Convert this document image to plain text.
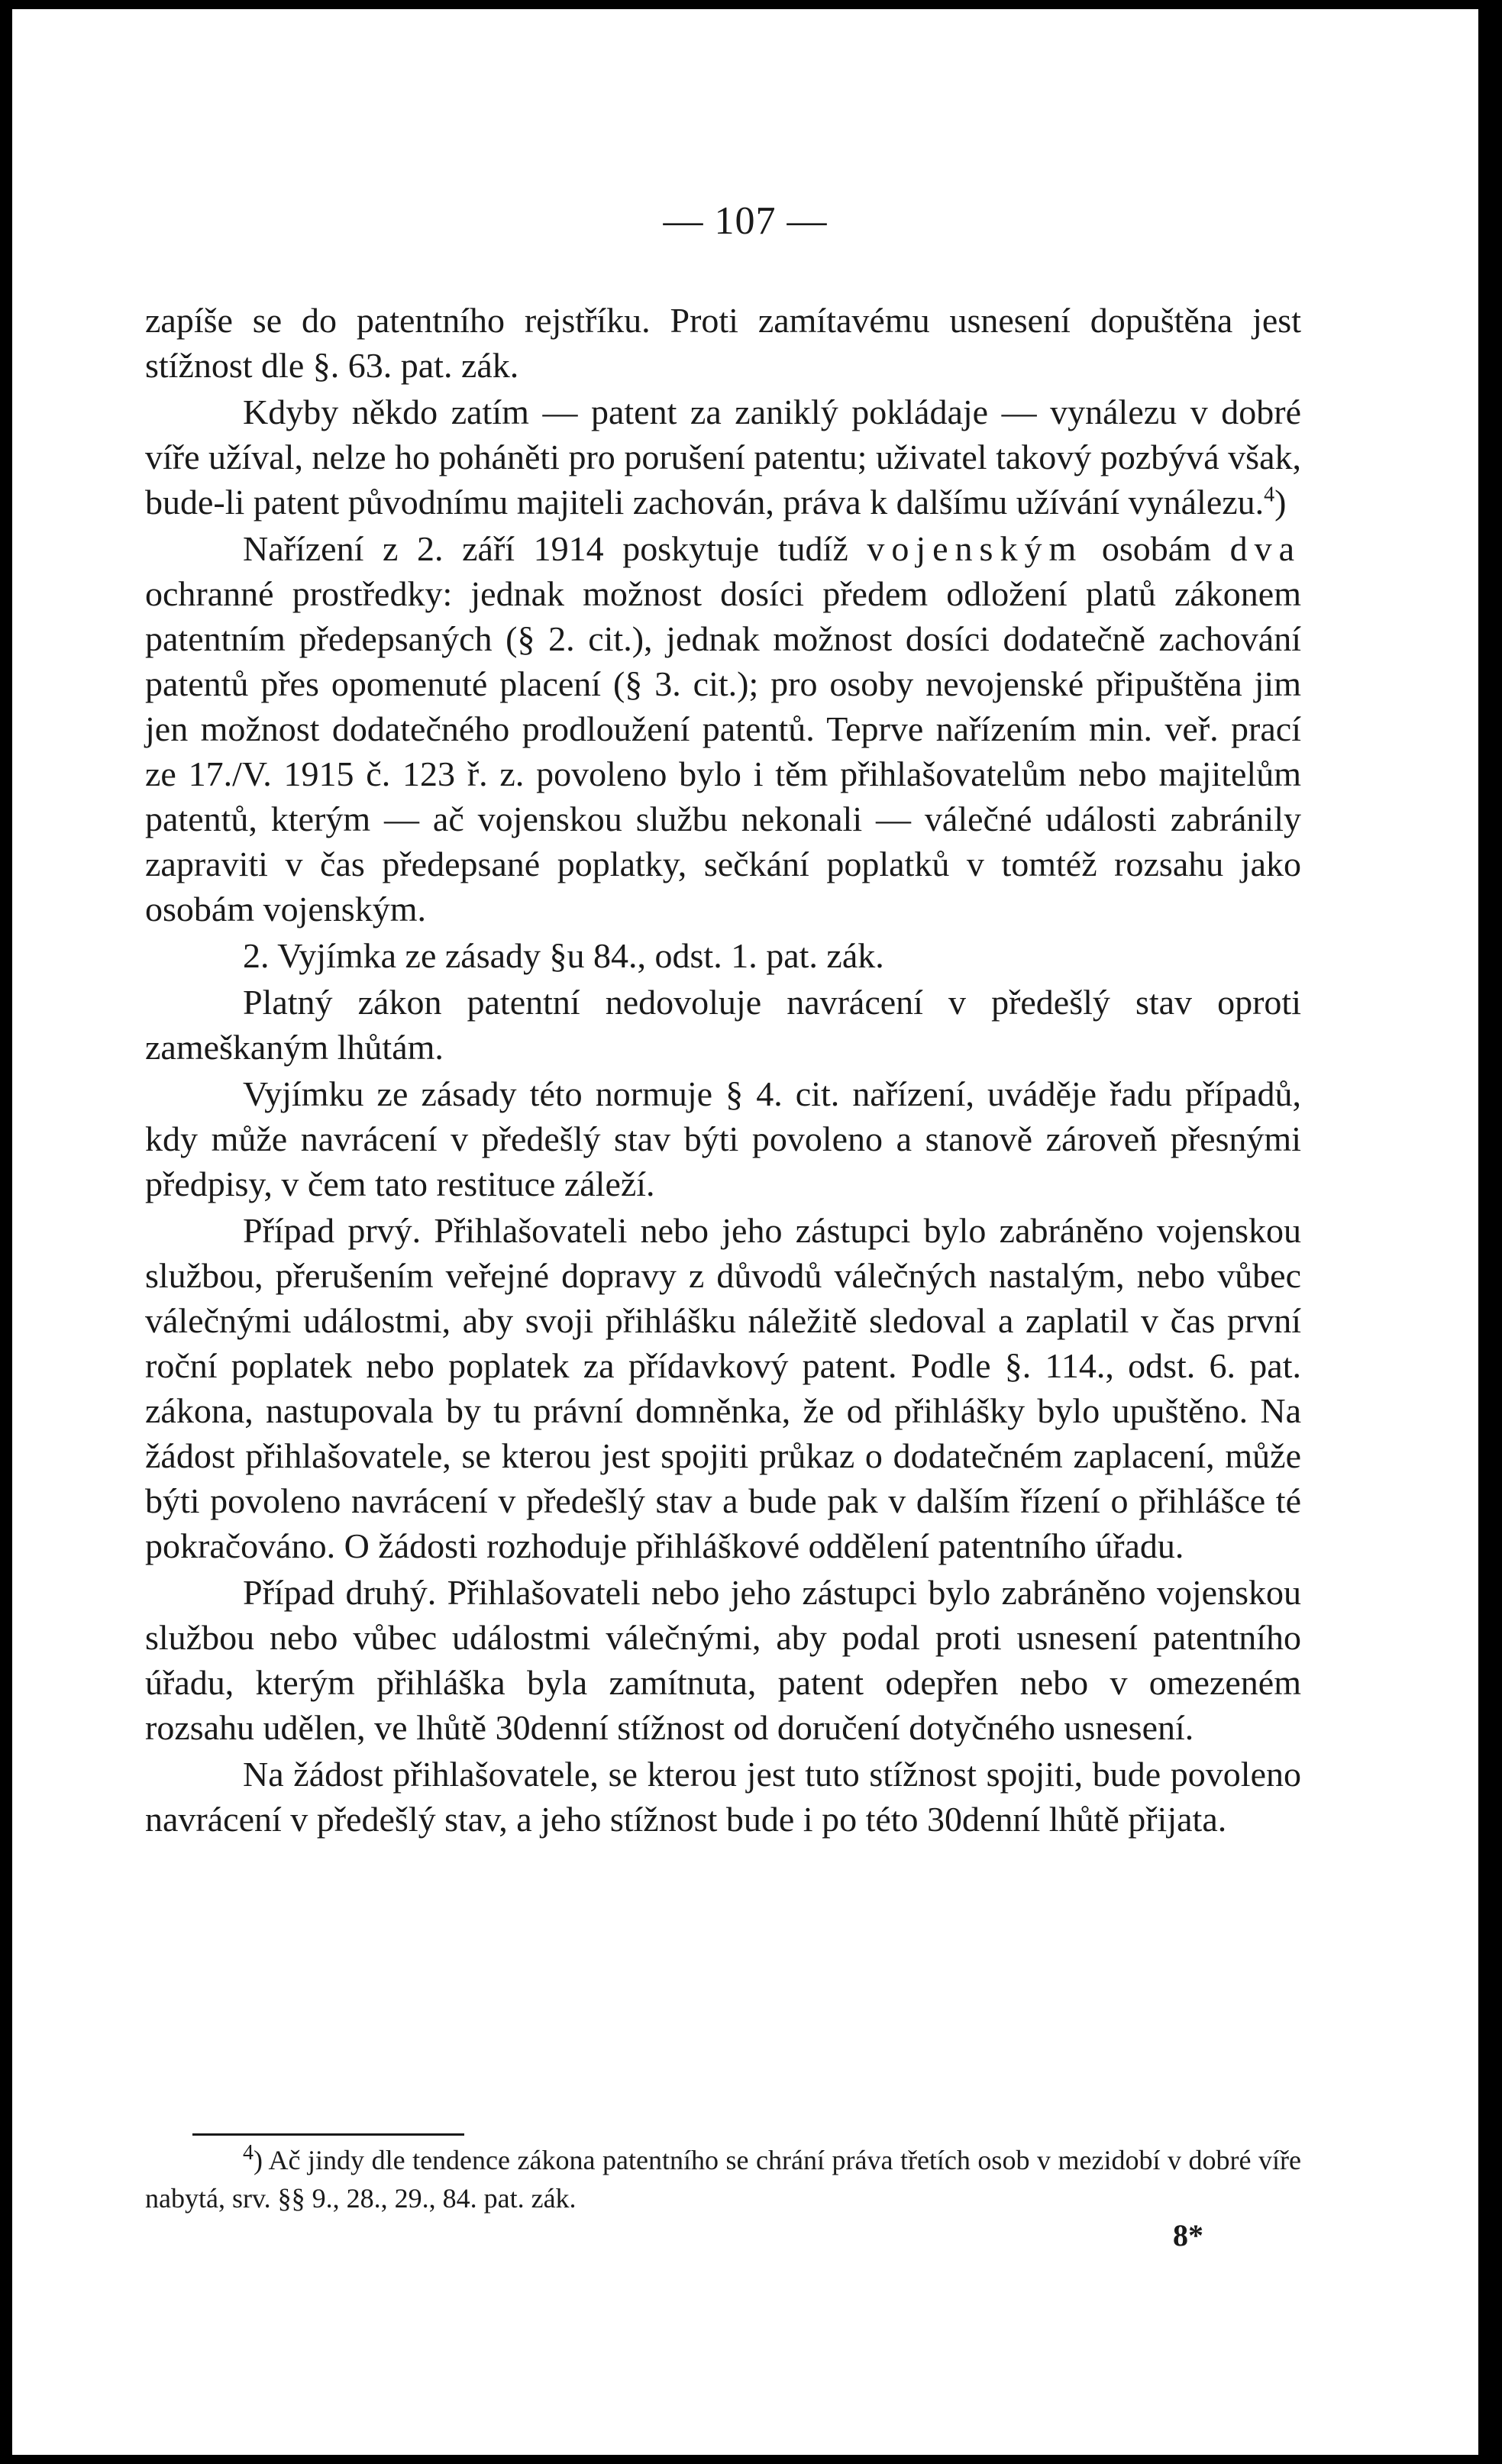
— 107 —

zapíše se do patentního rejstříku. Proti zamítavému usnesení dopuštěna jest stížnost dle §. 63. pat. zák.

Kdyby někdo zatím — patent za zaniklý pokládaje — vynálezu v dobré víře užíval, nelze ho poháněti pro porušení patentu; uživatel takový pozbývá však, bude-li patent původnímu majiteli zachován, práva k dalšímu užívání vynálezu.$^4$)

Nařízení z 2. září 1914 poskytuje tudíž vojenským osobám dva ochranné prostředky: jednak možnost dosíci předem odložení platů zákonem patentním předepsaných (§ 2. cit.), jednak možnost dosíci dodatečně zachování patentů přes opomenuté placení (§ 3. cit.); pro osoby nevojenské připuštěna jim jen možnost dodatečného prodloužení patentů. Teprve nařízením min. veř. prací ze 17./V. 1915 č. 123 ř. z. povoleno bylo i těm přihlašovatelům nebo majitelům patentů, kterým — ač vojenskou službu nekonali — válečné události zabránily zapraviti v čas předepsané poplatky, sečkání poplatků v tomtéž rozsahu jako osobám vojenským.

2. Vyjímka ze zásady §u 84., odst. 1. pat. zák.

Platný zákon patentní nedovoluje navrácení v předešlý stav oproti zameškaným lhůtám.

Vyjímku ze zásady této normuje § 4. cit. nařízení, uváděje řadu případů, kdy může navrácení v předešlý stav býti povoleno a stanově zároveň přesnými předpisy, v čem tato restituce záleží.

Případ prvý. Přihlašovateli nebo jeho zástupci bylo zabráněno vojenskou službou, přerušením veřejné dopravy z důvodů válečných nastalým, nebo vůbec válečnými událostmi, aby svoji přihlášku náležitě sledoval a zaplatil v čas první roční poplatek nebo poplatek za přídavkový patent. Podle §. 114., odst. 6. pat. zákona, nastupovala by tu právní domněnka, že od přihlášky bylo upuštěno. Na žádost přihlašovatele, se kterou jest spojiti průkaz o dodatečném zaplacení, může býti povoleno navrácení v předešlý stav a bude pak v dalším řízení o přihlášce té pokračováno. O žádosti rozhoduje přihláškové oddělení patentního úřadu.

Případ druhý. Přihlašovateli nebo jeho zástupci bylo zabráněno vojenskou službou nebo vůbec událostmi válečnými, aby podal proti usnesení patentního úřadu, kterým přihláška byla zamítnuta, patent odepřen nebo v omezeném rozsahu udělen, ve lhůtě 30denní stížnost od doručení dotyčného usnesení.

Na žádost přihlašovatele, se kterou jest tuto stížnost spojiti, bude povoleno navrácení v předešlý stav, a jeho stížnost bude i po této 30denní lhůtě přijata.

$^4$) Ač jindy dle tendence zákona patentního se chrání práva třetích osob v mezidobí v dobré víře nabytá, srv. §§ 9., 28., 29., 84. pat. zák.
8*
